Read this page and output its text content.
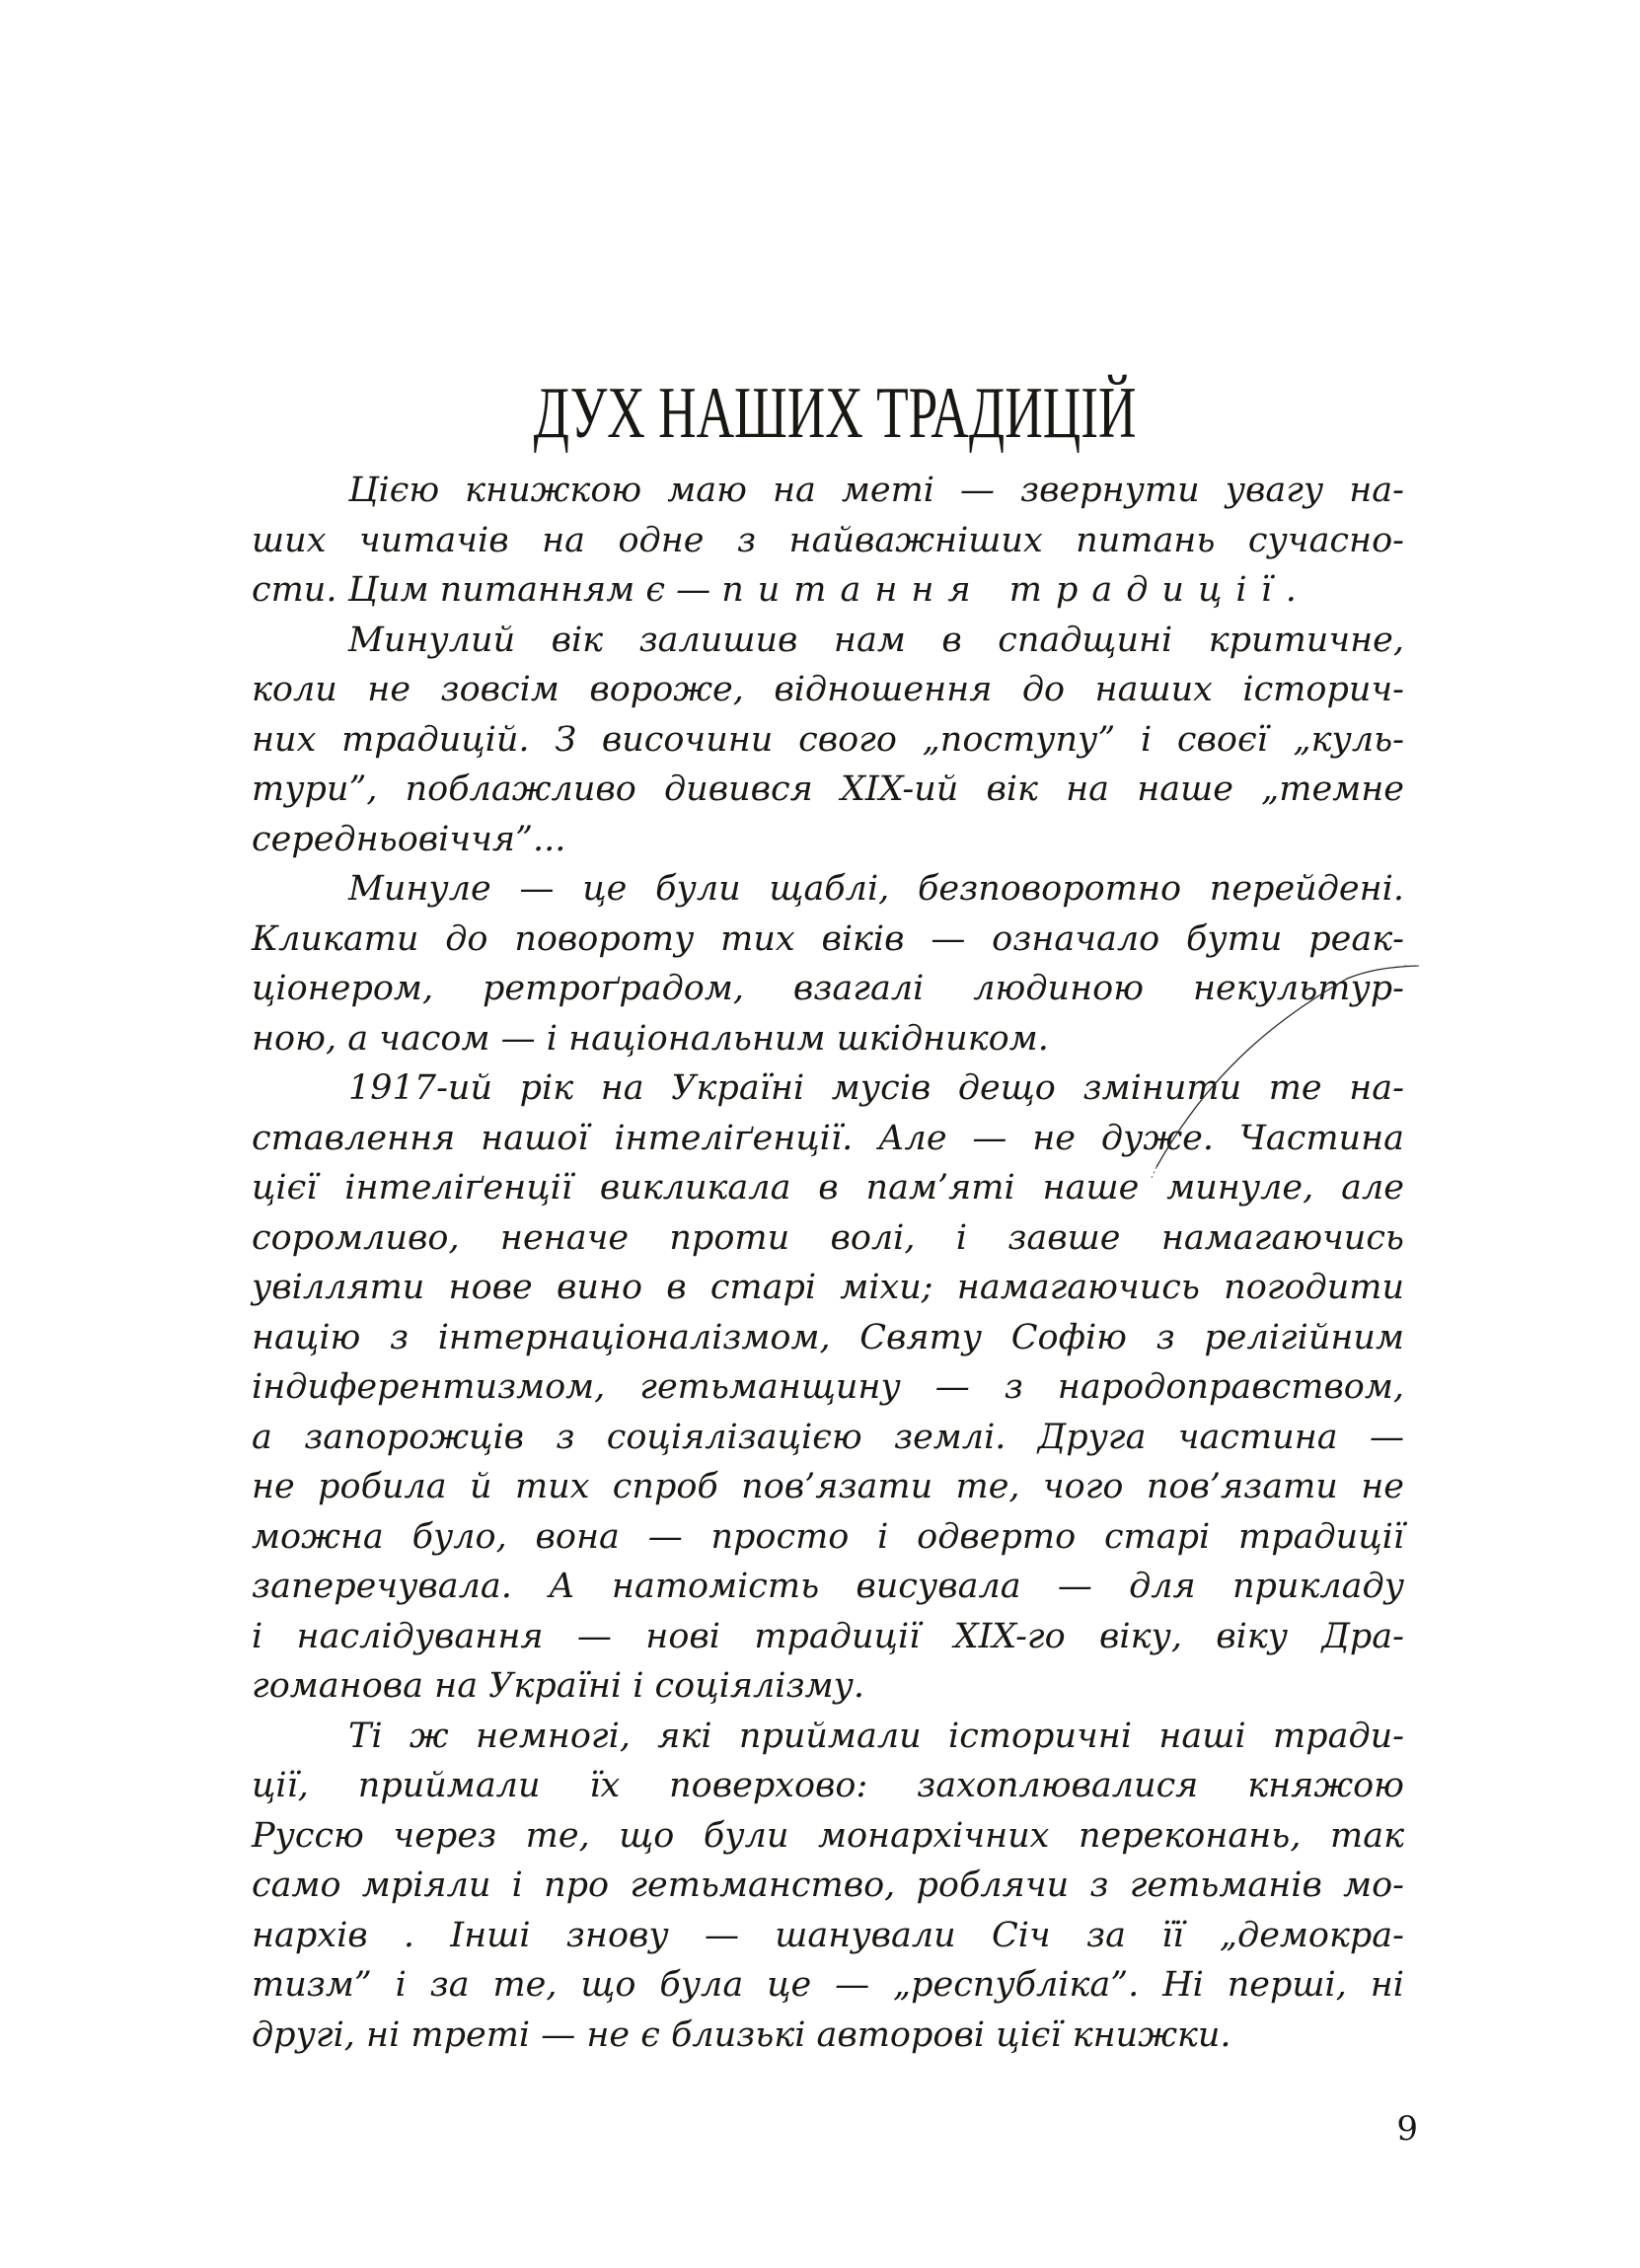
ДУХ НАШИХ ТРАДИЦІЙ
Цією книжкою маю на меті — звернути увагу на-
ших читачів на одне з найважніших питань сучасно-
сти. Цим питанням є — питання традиції.
Минулий вік залишив нам в спадщині критичне,
коли не зовсім вороже, відношення до наших історич-
них традицій. З височини свого „поступу” і своєї „куль-
тури”, поблажливо дивився XIX-ий вік на наше „темне
середньовіччя”...
Минуле — це були щаблі, безповоротно перейдені.
Кликати до повороту тих віків — означало бути реак-
ціонером, ретроґрадом, взагалі людиною некультур-
ною, а часом — і національним шкідником.
1917-ий рік на Україні мусів дещо змінити те на-
ставлення нашої інтеліґенції. Але — не дуже. Частина
цієї інтеліґенції викликала в пам’яті наше минуле, але
соромливо, неначе проти волі, і завше намагаючись
увілляти нове вино в старі міхи; намагаючись погодити
націю з інтернаціоналізмом, Святу Софію з релігійним
індиферентизмом, гетьманщину — з народоправством,
а запорожців з соціялізацією землі. Друга частина —
не робила й тих спроб пов’язати те, чого пов’язати не
можна було, вона — просто і одверто старі традиції
заперечувала. А натомість висувала — для прикладу
і наслідування — нові традиції XIX-го віку, віку Дра-
гоманова на Україні і соціялізму.
Ті ж немногі, які приймали історичні наші тради-
ції, приймали їх поверхово: захоплювалися княжою
Руссю через те, що були монархічних переконань, так
само мріяли і про гетьманство, роблячи з гетьманів мо-
нархів . Інші знову — шанували Січ за її „демокра-
тизм” і за те, що була це — „республіка”. Ні перші, ні
другі, ні треті — не є близькі авторові цієї книжки.
9
